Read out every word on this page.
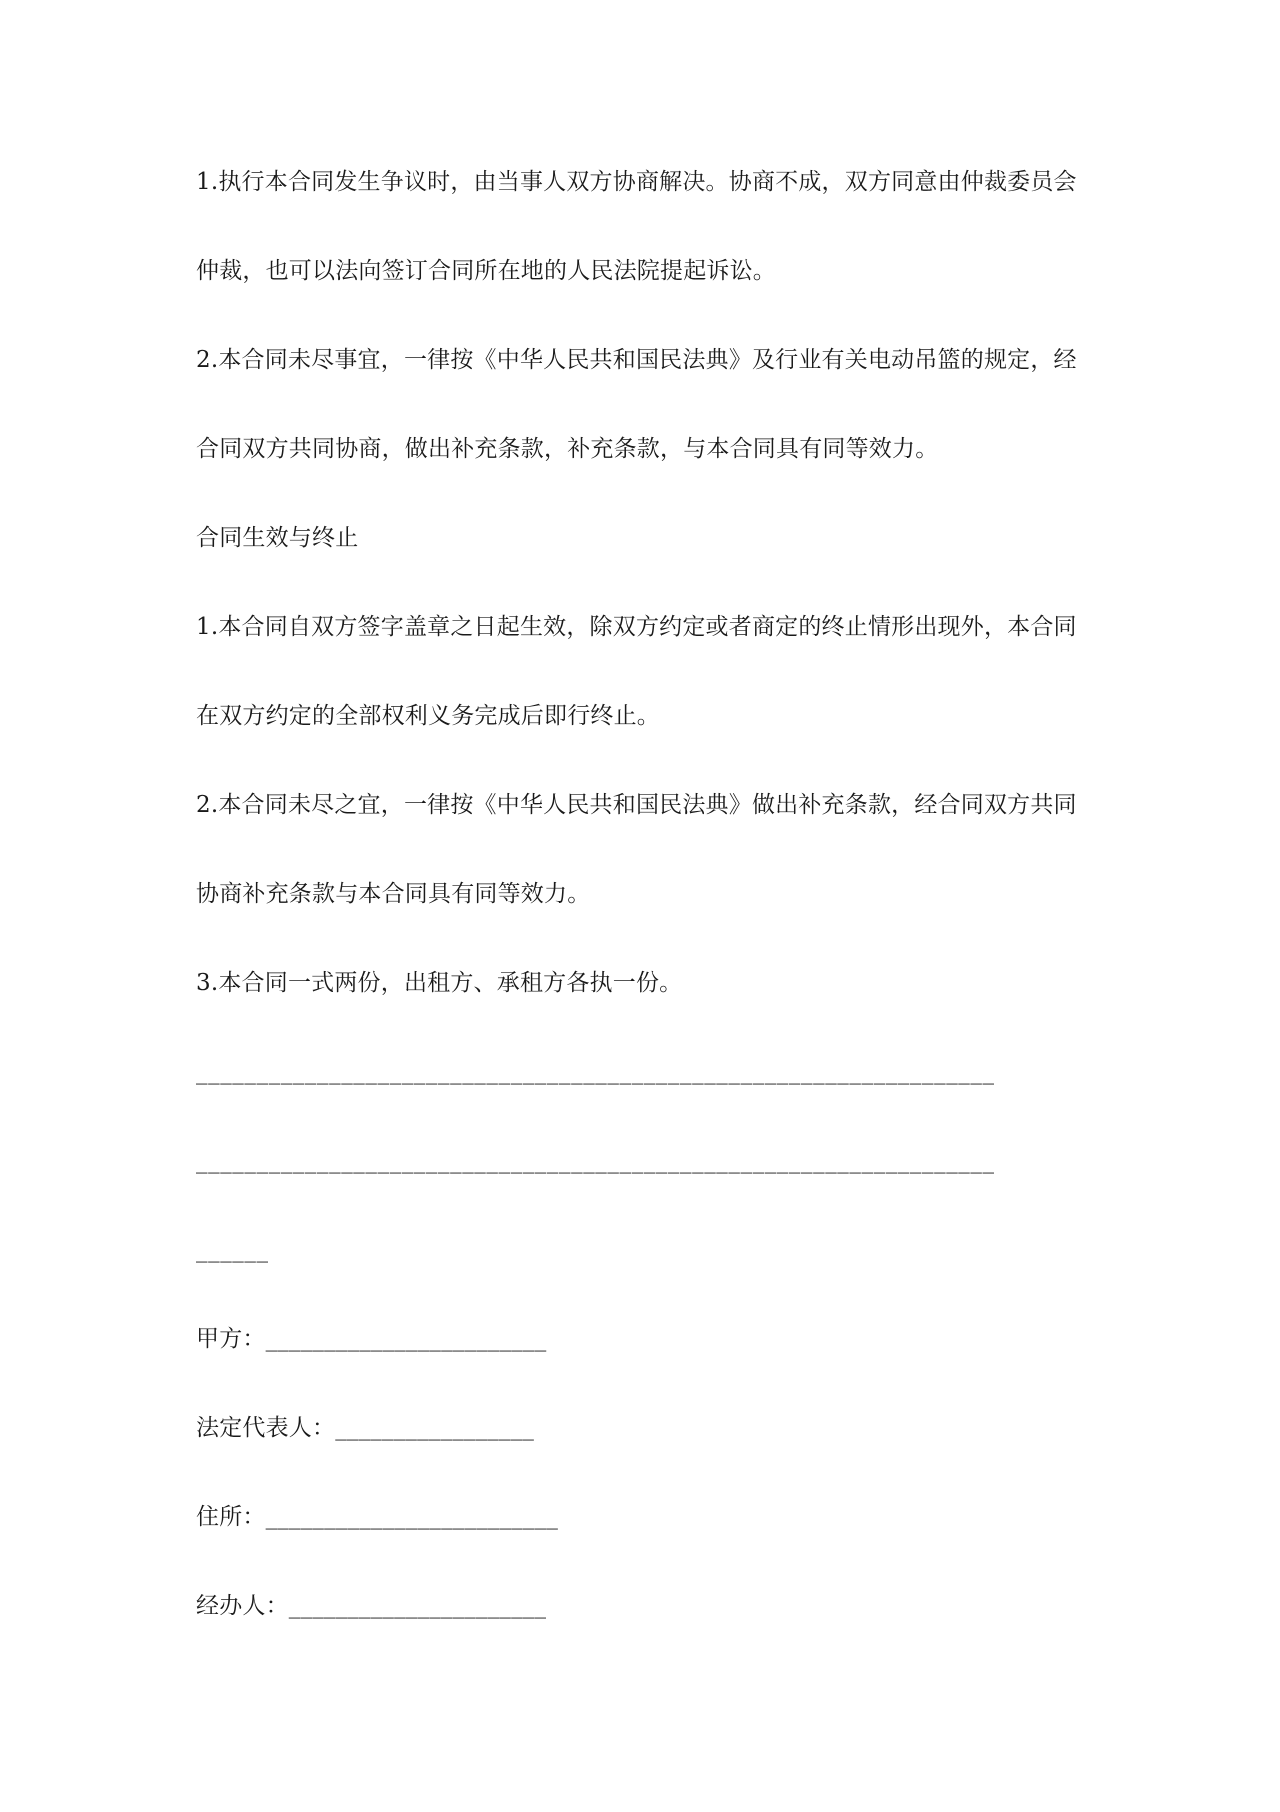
1.执行本合同发生争议时，由当事人双方协商解决。协商不成，双方同意由仲裁委员会
仲裁，也可以法向签订合同所在地的人民法院提起诉讼。
2.本合同未尽事宜，一律按《中华人民共和国民法典》及行业有关电动吊篮的规定，经
合同双方共同协商，做出补充条款，补充条款，与本合同具有同等效力。
合同生效与终止
1.本合同自双方签字盖章之日起生效，除双方约定或者商定的终止情形出现外，本合同
在双方约定的全部权利义务完成后即行终止。
2.本合同未尽之宜，一律按《中华人民共和国民法典》做出补充条款，经合同双方共同
协商补充条款与本合同具有同等效力。
3.本合同一式两份，出租方、承租方各执一份。
__________________________________________________________________
__________________________________________________________________
______
甲方：________________________
法定代表人：_________________
住所：_________________________
经办人：______________________
